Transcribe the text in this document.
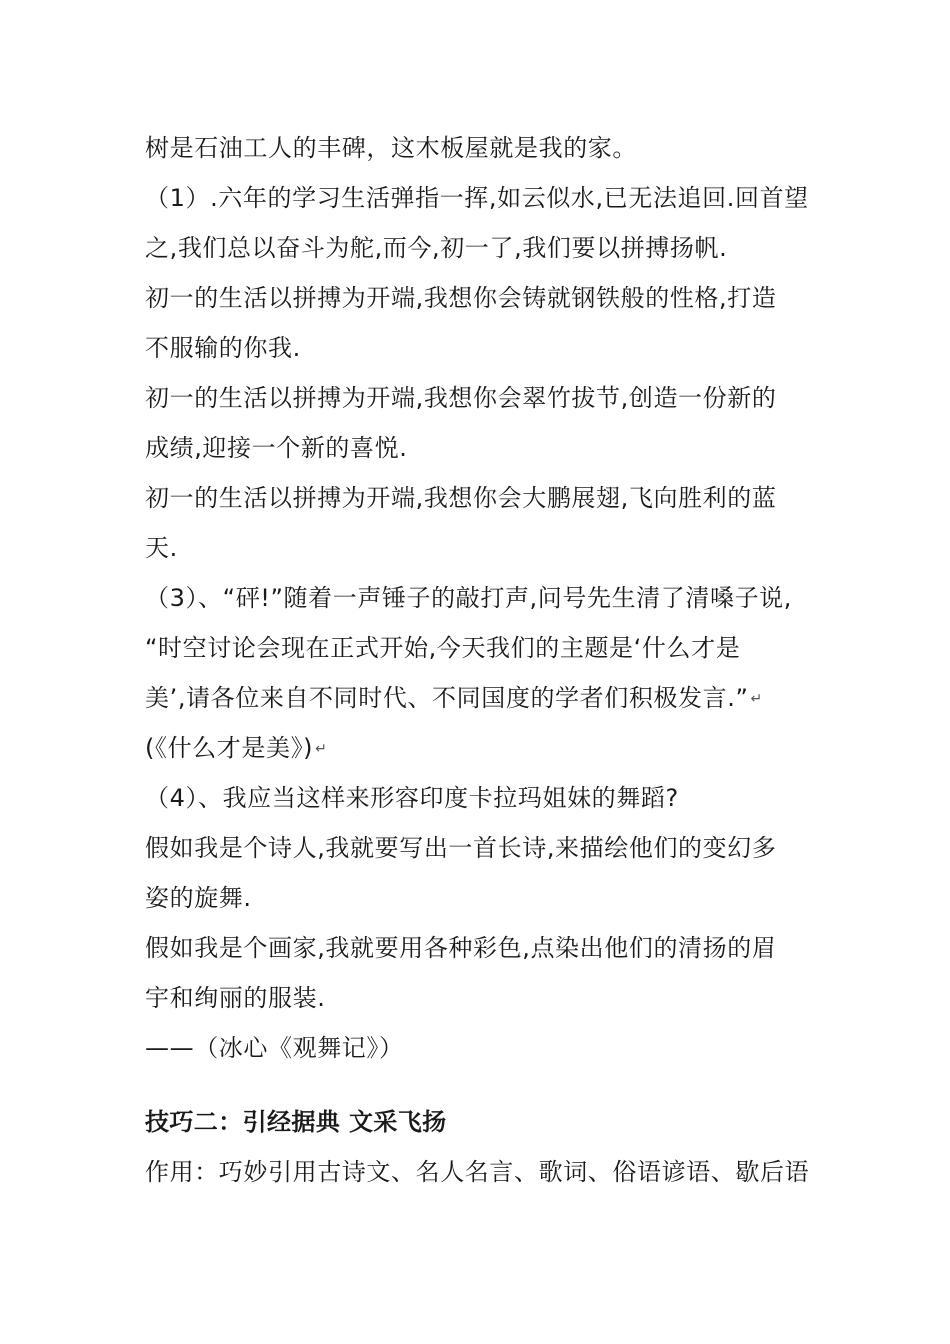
树是石油工人的丰碑，这木板屋就是我的家。
（1）.六年的学习生活弹指一挥,如云似水,已无法追回.回首望
之,我们总以奋斗为舵,而今,初一了,我们要以拼搏扬帆.
初一的生活以拼搏为开端,我想你会铸就钢铁般的性格,打造
不服输的你我.
初一的生活以拼搏为开端,我想你会翠竹拔节,创造一份新的
成绩,迎接一个新的喜悦.
初一的生活以拼搏为开端,我想你会大鹏展翅,飞向胜利的蓝
天.
（3）、“砰!”随着一声锤子的敲打声,问号先生清了清嗓子说,
“时空讨论会现在正式开始,今天我们的主题是‘什么才是
美’,请各位来自不同时代、不同国度的学者们积极发言.” ↵
(《什么才是美》) ↵
（4）、我应当这样来形容印度卡拉玛姐妹的舞蹈?
假如我是个诗人,我就要写出一首长诗,来描绘他们的变幻多
姿的旋舞.
假如我是个画家,我就要用各种彩色,点染出他们的清扬的眉
宇和绚丽的服装.
——（冰心《观舞记》）
技巧二：引经据典 文采飞扬
作用：巧妙引用古诗文、名人名言、歌词、俗语谚语、歇后语
